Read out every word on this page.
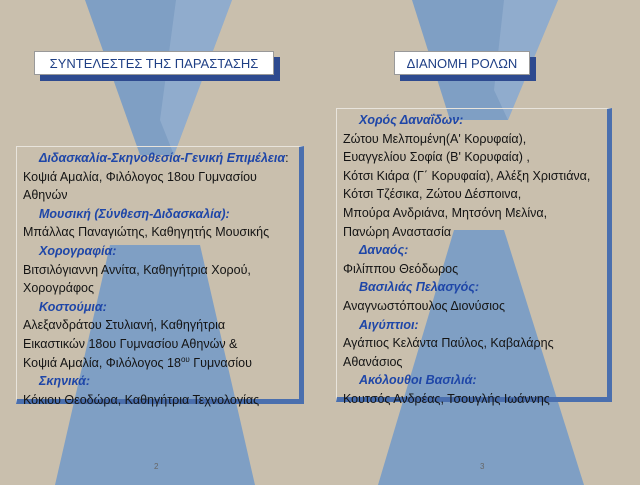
ΣΥΝΤΕΛΕΣΤΕΣ ΤΗΣ ΠΑΡΑΣΤΑΣΗΣ
Διδασκαλία-Σκηνοθεσία-Γενική Επιμέλεια:
Κοψιά Αμαλία, Φιλόλογος 18ου Γυμνασίου
Αθηνών
Μουσική (Σύνθεση-Διδασκαλία):
Μπάλλας Παναγιώτης, Καθηγητής Μουσικής
Χορογραφία:
Βιτσιλόγιαννη Αννίτα, Καθηγήτρια Χορού,
Χορογράφος
Κοστούμια:
Αλεξανδράτου Στυλιανή, Καθηγήτρια
Εικαστικών 18ου Γυμνασίου Αθηνών &
Κοψιά Αμαλία, Φιλόλογος $18^{o\upsilon}$ Γυμνασίου
Σκηνικά:
Κόκιου Θεοδώρα, Καθηγήτρια Τεχνολογίας
2
ΔΙΑΝΟΜΗ ΡΟΛΩΝ
Χορός Δαναΐδων:
Ζώτου Μελπομένη(Α' Κορυφαία),
Ευαγγελίου Σοφία (Β' Κορυφαία) ,
Κότσι Κιάρα (Γ΄ Κορυφαία), Αλέξη Χριστιάνα,
Κότσι Τζέσικα, Ζώτου Δέσποινα,
Μπούρα Ανδριάνα, Μητσόνη Μελίνα,
Πανώρη Αναστασία
Δαναός:
Φιλίππου Θεόδωρος
Βασιλιάς Πελασγός:
Αναγνωστόπουλος Διονύσιος
Αιγύπτιοι:
Αγάπιος Κελάντα Παύλος, Καβαλάρης
Αθανάσιος
Ακόλουθοι Βασιλιά:
Κουτσός Ανδρέας, Τσουγλής Ιωάννης
3
